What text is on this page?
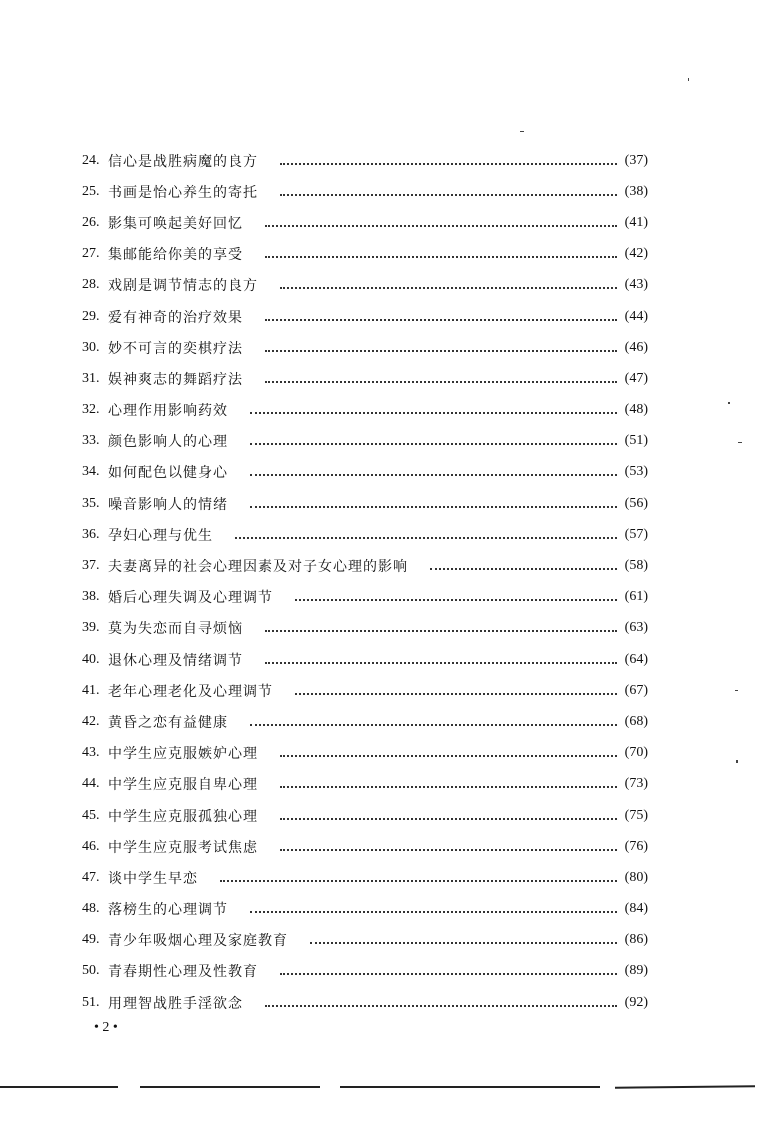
24. 信心是战胜病魔的良方	(37)
25. 书画是怡心养生的寄托	(38)
26. 影集可唤起美好回忆	(41)
27. 集邮能给你美的享受	(42)
28. 戏剧是调节情志的良方	(43)
29. 爱有神奇的治疗效果	(44)
30. 妙不可言的奕棋疗法	(46)
31. 娱神爽志的舞蹈疗法	(47)
32. 心理作用影响药效	(48)
33. 颜色影响人的心理	(51)
34. 如何配色以健身心	(53)
35. 噪音影响人的情绪	(56)
36. 孕妇心理与优生	(57)
37. 夫妻离异的社会心理因素及对子女心理的影响	(58)
38. 婚后心理失调及心理调节	(61)
39. 莫为失恋而自寻烦恼	(63)
40. 退休心理及情绪调节	(64)
41. 老年心理老化及心理调节	(67)
42. 黄昏之恋有益健康	(68)
43. 中学生应克服嫉妒心理	(70)
44. 中学生应克服自卑心理	(73)
45. 中学生应克服孤独心理	(75)
46. 中学生应克服考试焦虑	(76)
47. 谈中学生早恋	(80)
48. 落榜生的心理调节	(84)
49. 青少年吸烟心理及家庭教育	(86)
50. 青春期性心理及性教育	(89)
51. 用理智战胜手淫欲念	(92)
• 2 •
